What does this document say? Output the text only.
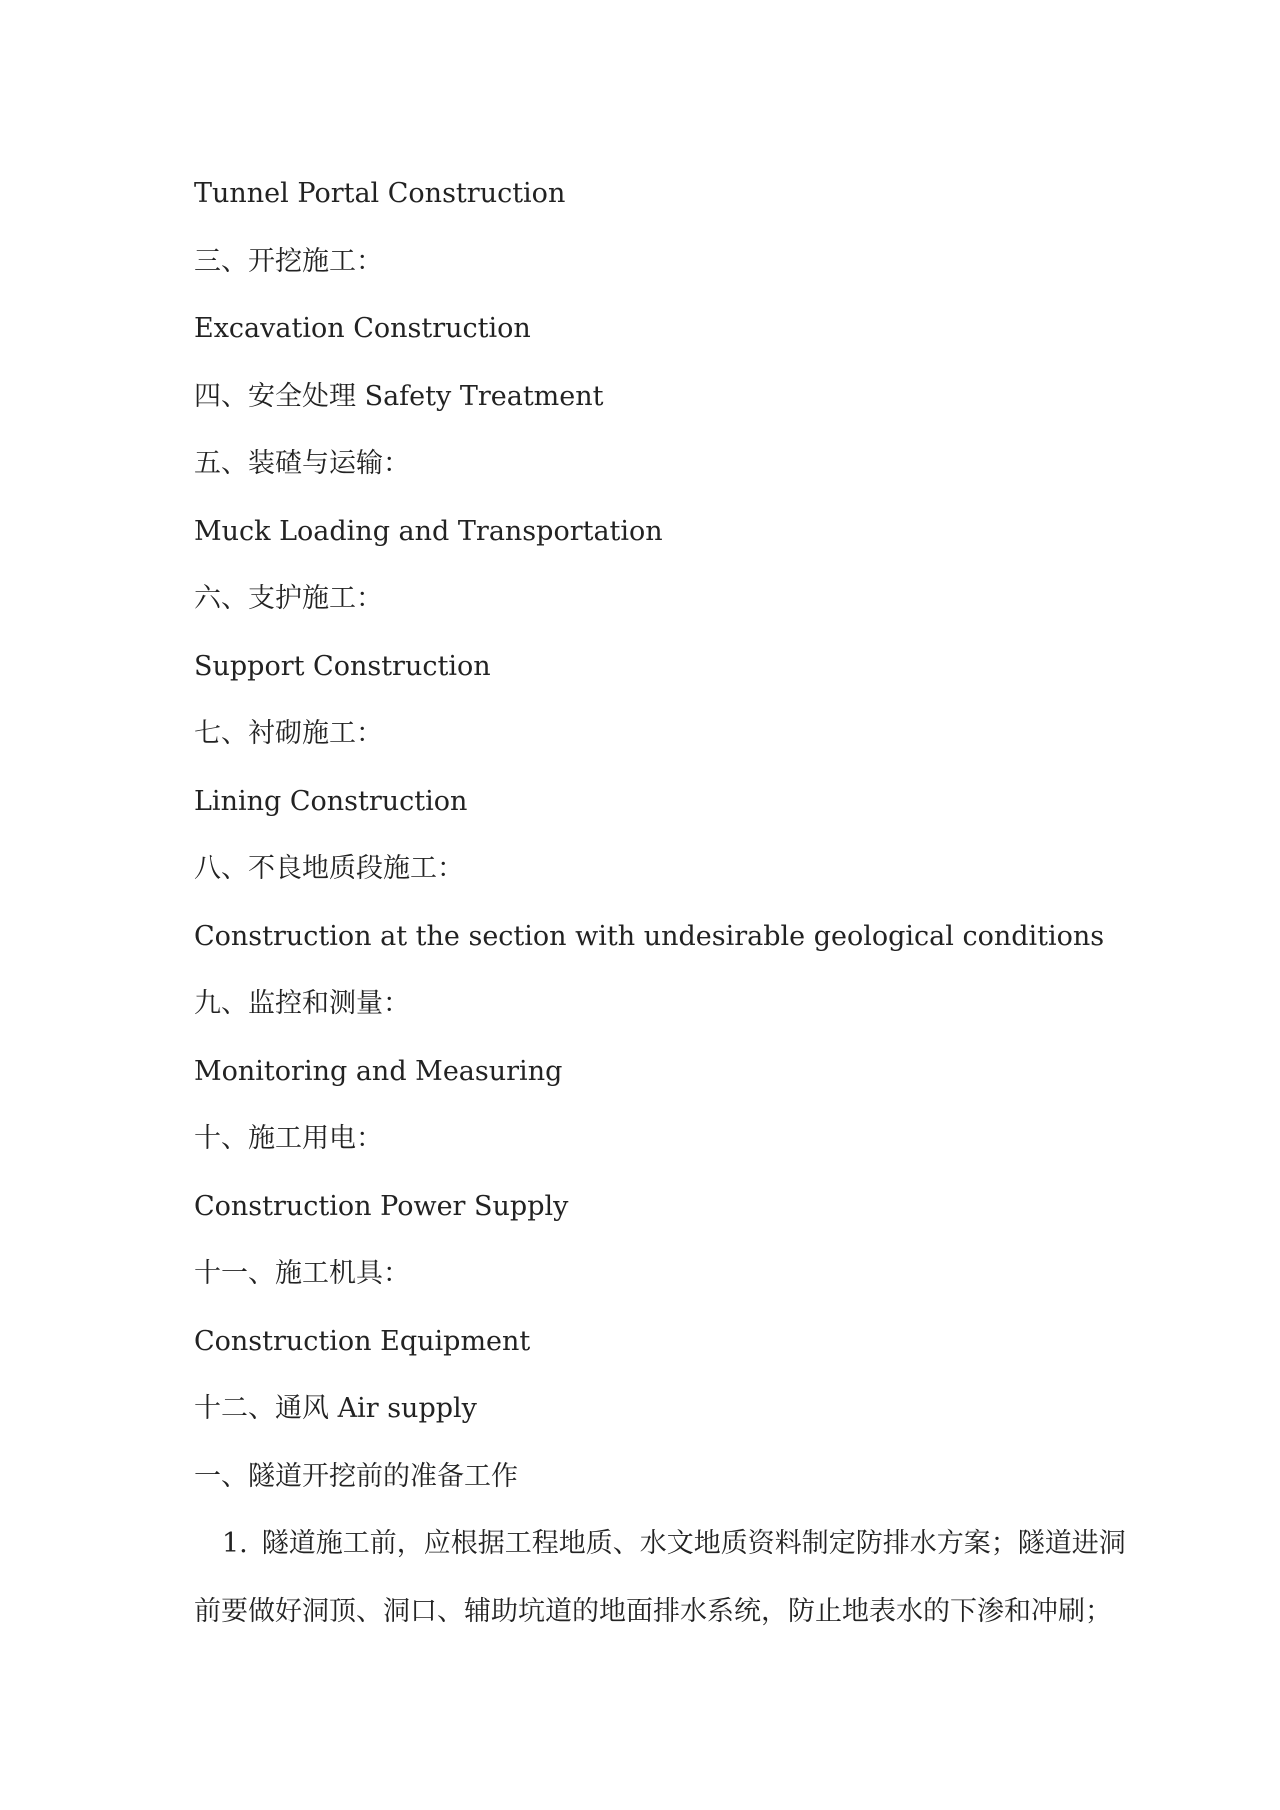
Tunnel Portal Construction
三、开挖施工：
Excavation Construction
四、安全处理 Safety Treatment
五、装碴与运输：
Muck Loading and Transportation
六、支护施工：
Support Construction
七、衬砌施工：
Lining Construction
八、不良地质段施工：
Construction at the section with undesirable geological conditions
九、监控和测量：
Monitoring and Measuring
十、施工用电：
Construction Power Supply
十一、施工机具：
Construction Equipment
十二、通风 Air supply
一、隧道开挖前的准备工作
1. 隧道施工前，应根据工程地质、水文地质资料制定防排水方案；隧道进洞
前要做好洞顶、洞口、辅助坑道的地面排水系统，防止地表水的下渗和冲刷；
